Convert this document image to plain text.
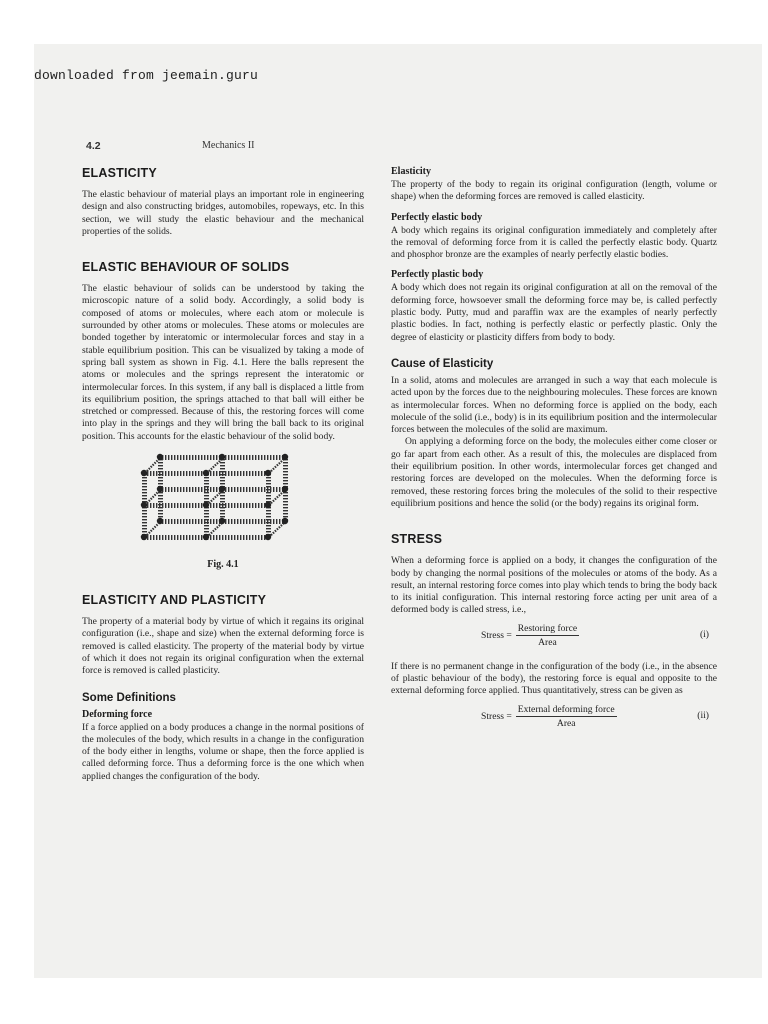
downloaded from jeemain.guru
4.2	Mechanics II
ELASTICITY

The elastic behaviour of material plays an important role in engineering design and also constructing bridges, automobiles, ropeways, etc. In this section, we will study the elastic behaviour and the mechanical properties of the solids.

ELASTIC BEHAVIOUR OF SOLIDS

The elastic behaviour of solids can be understood by taking the microscopic nature of a solid body. Accordingly, a solid body is composed of atoms or molecules, where each atom or molecule is surrounded by other atoms or molecules. These atoms or molecules are bonded together by interatomic or intermolecular forces and stay in a stable equilibrium position. This can be visualized by taking a mode of spring ball system as shown in Fig. 4.1. Here the balls represent the atoms or molecules and the springs represent the interatomic or intermolecular forces. In this system, if any ball is displaced a little from its equilibrium position, the springs attached to that ball will either be stretched or compressed. Because of this, the restoring forces will come into play in the springs and they will bring the ball back to its original position. This accounts for the elastic behaviour of the solid body.

Fig. 4.1
ELASTICITY AND PLASTICITY

The property of a material body by virtue of which it regains its original configuration (i.e., shape and size) when the external deforming force is removed is called elasticity. The property of the material body by virtue of which it does not regain its original configuration when the external force is removed is called plasticity.

Some Definitions
Deforming force

If a force applied on a body produces a change in the normal positions of the molecules of the body, which results in a change in the configuration of the body either in lengths, volume or shape, then the force applied is called deforming force. Thus a deforming force is the one which when applied changes the configuration of the body.

Elasticity

The property of the body to regain its original configuration (length, volume or shape) when the deforming forces are removed is called elasticity.

Perfectly elastic body

A body which regains its original configuration immediately and completely after the removal of deforming force from it is called the perfectly elastic body. Quartz and phosphor bronze are the examples of nearly perfectly elastic bodies.

Perfectly plastic body

A body which does not regain its original configuration at all on the removal of the deforming force, howsoever small the deforming force may be, is called perfectly plastic body. Putty, mud and paraffin wax are the examples of nearly perfectly plastic bodies. In fact, nothing is perfectly elastic or perfectly plastic. Only the degree of elasticity or plasticity differs from body to body.

Cause of Elasticity

In a solid, atoms and molecules are arranged in such a way that each molecule is acted upon by the forces due to the neighbouring molecules. These forces are known as intermolecular forces. When no deforming force is applied on the body, each molecule of the solid (i.e., body) is in its equilibrium position and the intermolecular forces between the molecules of the solid are maximum.

On applying a deforming force on the body, the molecules either come closer or go far apart from each other. As a result of this, the molecules are displaced from their equilibrium position. In other words, intermolecular forces get changed and restoring forces are developed on the molecules. When the deforming force is removed, these restoring forces bring the molecules of the solid to their respective equilibrium positions and hence the solid (or the body) regains its original form.

STRESS

When a deforming force is applied on a body, it changes the configuration of the body by changing the normal positions of the molecules or atoms of the body. As a result, an internal restoring force comes into play which tends to bring the body back to its initial configuration. This internal restoring force acting per unit area of a deformed body is called stress, i.e.,

Stress = $\frac{\text{Restoring force}}{\text{Area}}$	(i)

If there is no permanent change in the configuration of the body (i.e., in the absence of plastic behaviour of the body), the restoring force is equal and opposite to the external deforming force applied. Thus quantitatively, stress can be given as

Stress = $\frac{\text{External deforming force}}{\text{Area}}$	(ii)
